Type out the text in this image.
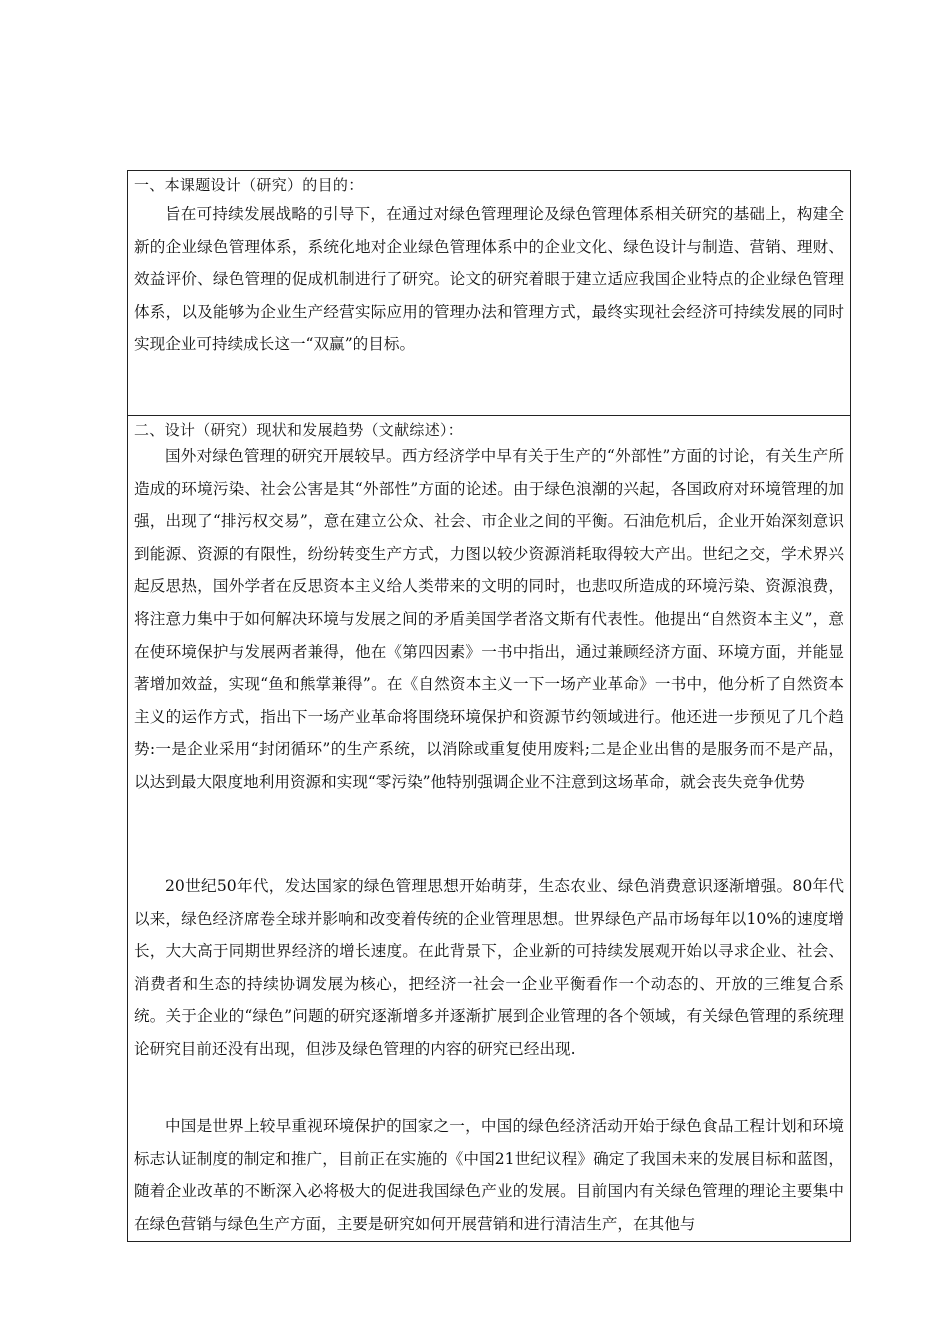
一、本课题设计（研究）的目的：

旨在可持续发展战略的引导下，在通过对绿色管理理论及绿色管理体系相关研究的基础上，构建全新的企业绿色管理体系，系统化地对企业绿色管理体系中的企业文化、绿色设计与制造、营销、理财、效益评价、绿色管理的促成机制进行了研究。论文的研究着眼于建立适应我国企业特点的企业绿色管理体系，以及能够为企业生产经营实际应用的管理办法和管理方式，最终实现社会经济可持续发展的同时实现企业可持续成长这一“双赢”的目标。

二、设计（研究）现状和发展趋势（文献综述）：

国外对绿色管理的研究开展较早。西方经济学中早有关于生产的“外部性”方面的讨论，有关生产所造成的环境污染、社会公害是其“外部性”方面的论述。由于绿色浪潮的兴起，各国政府对环境管理的加强，出现了“排污权交易”，意在建立公众、社会、市企业之间的平衡。石油危机后，企业开始深刻意识到能源、资源的有限性，纷纷转变生产方式，力图以较少资源消耗取得较大产出。世纪之交，学术界兴起反思热，国外学者在反思资本主义给人类带来的文明的同时，也悲叹所造成的环境污染、资源浪费，将注意力集中于如何解决环境与发展之间的矛盾美国学者洛文斯有代表性。他提出“自然资本主义”，意在使环境保护与发展两者兼得，他在《第四因素》一书中指出，通过兼顾经济方面、环境方面，并能显著增加效益，实现“鱼和熊掌兼得”。在《自然资本主义一下一场产业革命》一书中，他分析了自然资本主义的运作方式，指出下一场产业革命将围绕环境保护和资源节约领域进行。他还进一步预见了几个趋势:一是企业采用“封闭循环”的生产系统，以消除或重复使用废料;二是企业出售的是服务而不是产品，以达到最大限度地利用资源和实现“零污染”他特别强调企业不注意到这场革命，就会丧失竞争优势

20世纪50年代，发达国家的绿色管理思想开始萌芽，生态农业、绿色消费意识逐渐增强。80年代以来，绿色经济席卷全球并影响和改变着传统的企业管理思想。世界绿色产品市场每年以10%的速度增长，大大高于同期世界经济的增长速度。在此背景下，企业新的可持续发展观开始以寻求企业、社会、消费者和生态的持续协调发展为核心，把经济一社会一企业平衡看作一个动态的、开放的三维复合系统。关于企业的“绿色”问题的研究逐渐增多并逐渐扩展到企业管理的各个领域，有关绿色管理的系统理论研究目前还没有出现，但涉及绿色管理的内容的研究已经出现.

中国是世界上较早重视环境保护的国家之一，中国的绿色经济活动开始于绿色食品工程计划和环境标志认证制度的制定和推广，目前正在实施的《中国21世纪议程》确定了我国未来的发展目标和蓝图，随着企业改革的不断深入必将极大的促进我国绿色产业的发展。目前国内有关绿色管理的理论主要集中在绿色营销与绿色生产方面，主要是研究如何开展营销和进行清洁生产，在其他与
